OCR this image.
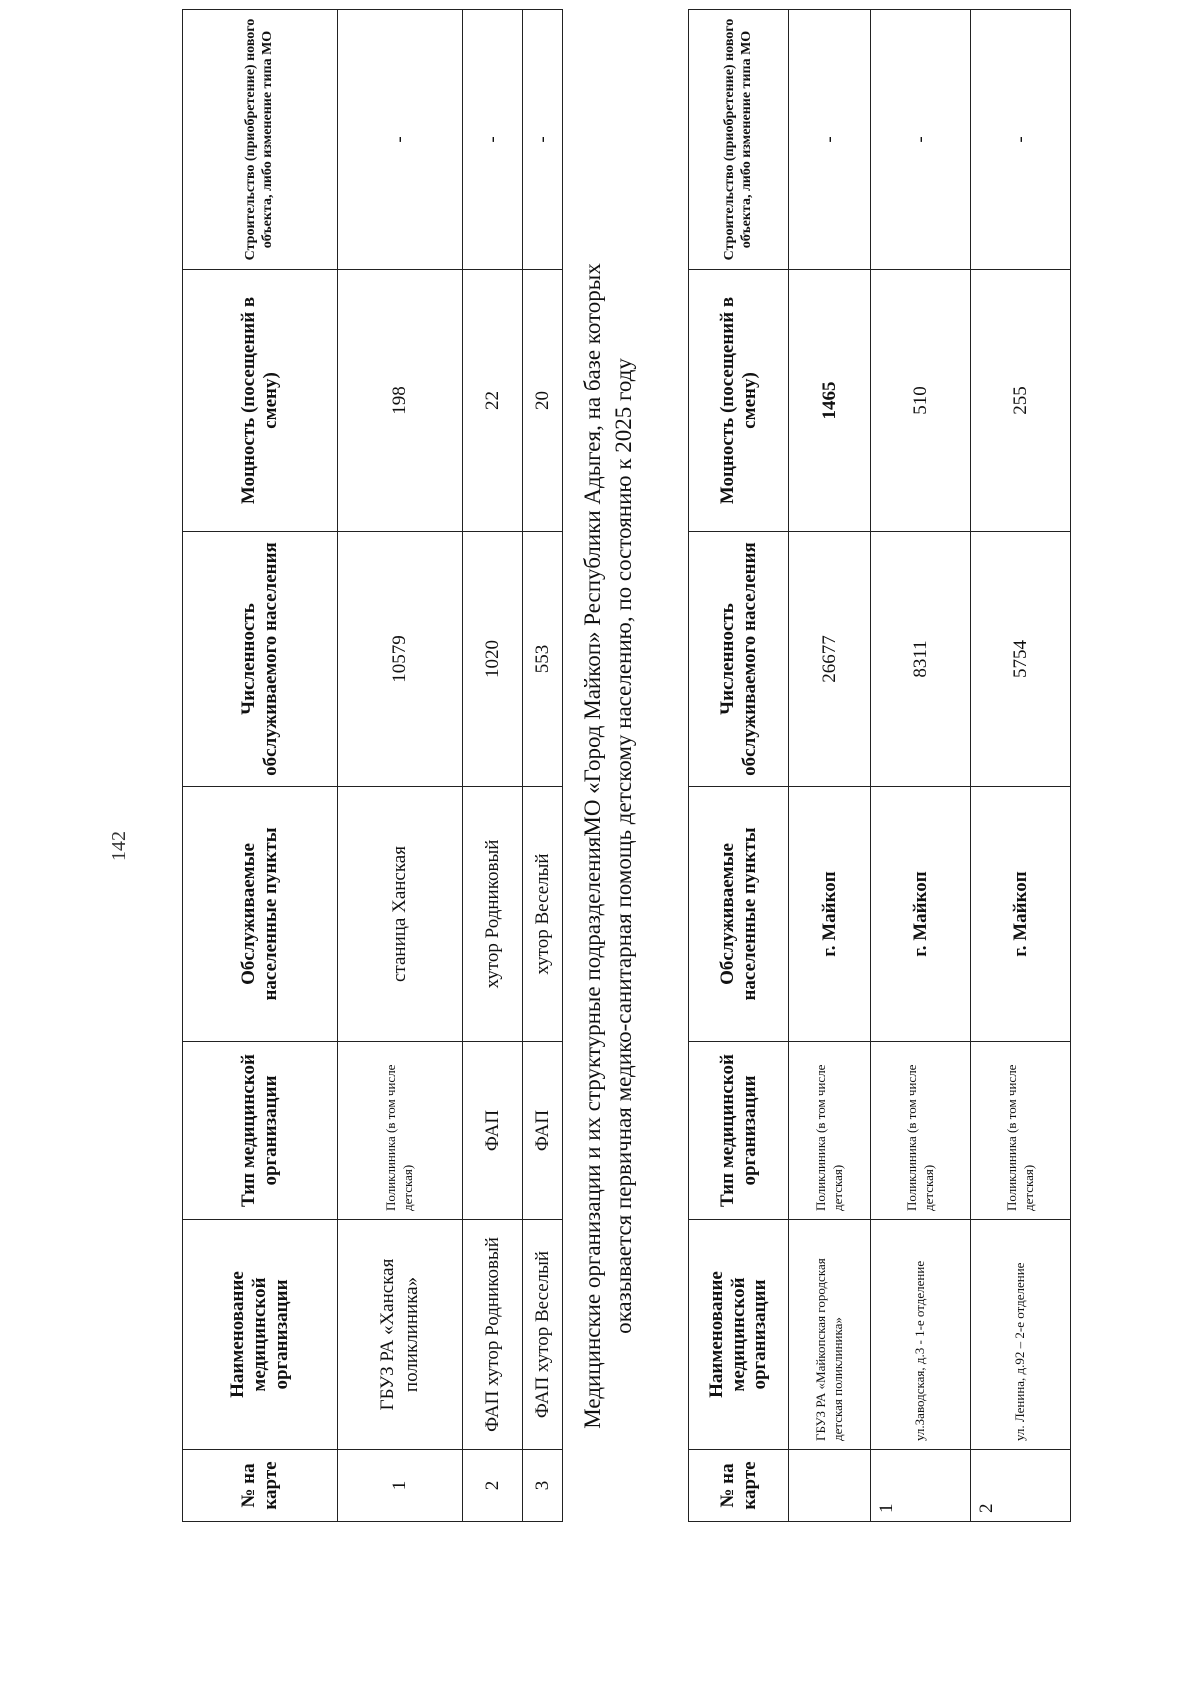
142
№ на карте	Наименование медицинской организации	Тип медицинской организации	Обслуживаемые населенные пункты	Численность обслуживаемого населения	Моцность (посещений в смену)	Строительство (приобретение) нового объекта, либо изменение типа МО
1	ГБУЗ РА «Ханская поликлиника»	Поликлиника (в том числе детская)	станица Ханская	10579	198	-
2	ФАП хутор Родниковый	ФАП	хутор Родниковый	1020	22	-
3	ФАП хутор Веселый	ФАП	хутор Веселый	553	20	-
Медицинские организации и их структурные подразделенияМО «Город Майкоп» Республики Адыгея, на базе которых оказывается первичная медико-санитарная помощь детскому населению, по состоянию к 2025 году
№ на карте	Наименование медицинской организации	Тип медицинской организации	Обслуживаемые населенные пункты	Численность обслуживаемого населения	Моцность (посещений в смену)	Строительство (приобретение) нового объекта, либо изменение типа МО
	ГБУЗ РА «Майкопская городская детская поликлиника»	Поликлиника (в том числе детская)	г. Майкоп	26677	1465	-
1	ул.Заводская, д.3 - 1-е отделение	Поликлиника (в том числе детская)	г. Майкоп	8311	510	-
2	ул. Ленина, д.92 – 2-е отделение	Поликлиника (в том числе детская)	г. Майкоп	5754	255	-
